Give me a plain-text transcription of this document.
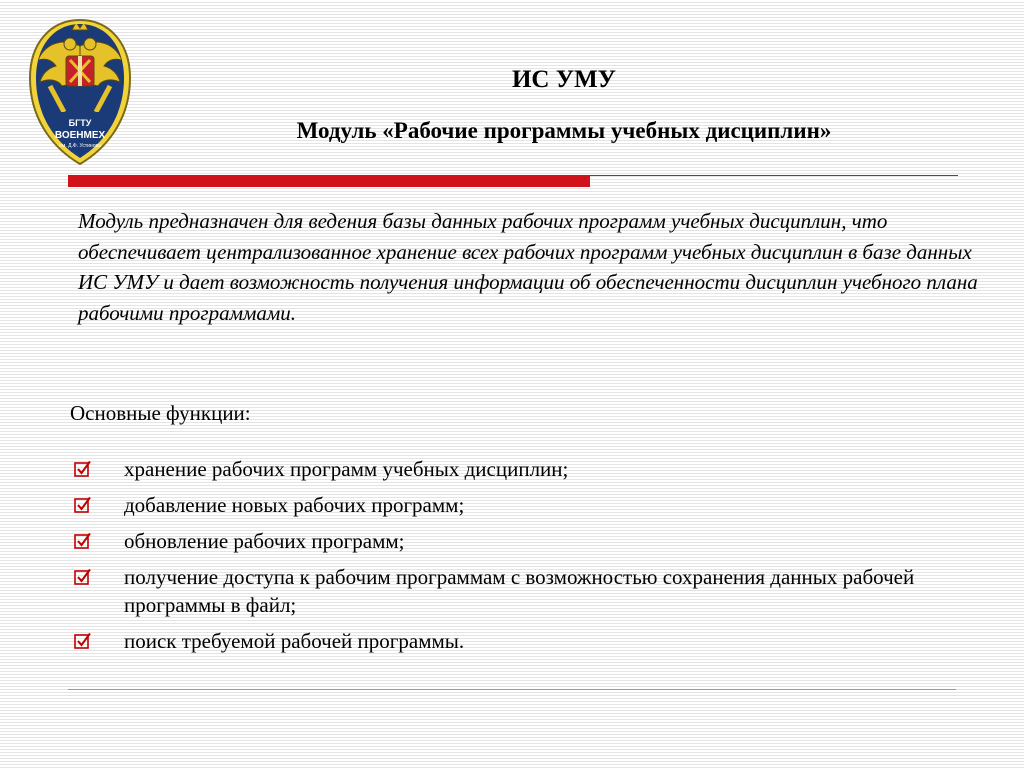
БГТУ
ВОЕНМЕХ
им. Д.Ф. Устинова
ИС УМУ
Модуль «Рабочие программы учебных дисциплин»
Модуль предназначен для ведения базы данных рабочих программ учебных дисциплин, что обеспечивает централизованное хранение всех рабочих программ учебных дисциплин в базе данных ИС УМУ и дает возможность получения информации об обеспеченности дисциплин учебного плана рабочими программами.
Основные функции:
хранение рабочих программ учебных дисциплин;
добавление новых рабочих программ;
обновление рабочих программ;
получение доступа к рабочим программам с возможностью сохранения данных рабочей программы в файл;
поиск требуемой рабочей программы.
